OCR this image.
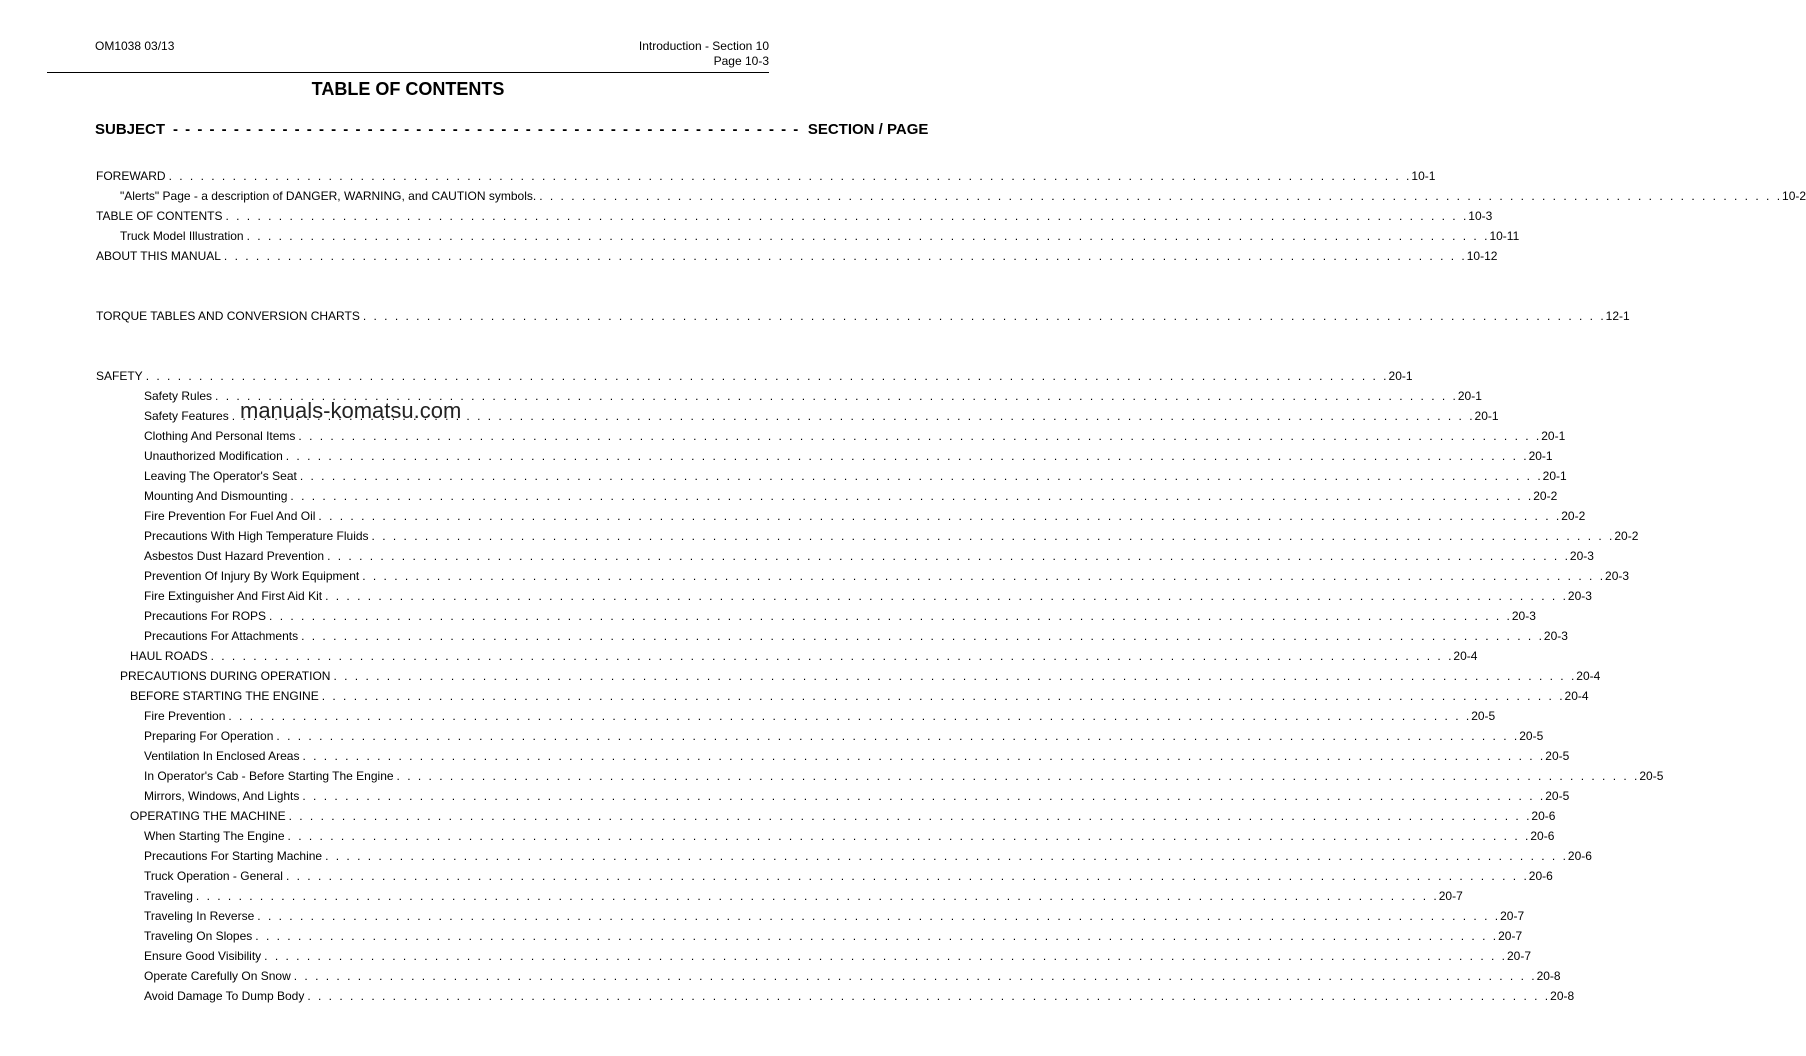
OM1038 03/13	Introduction - Section 10
Page 10-3
TABLE OF CONTENTS
SUBJECT - - - - - - - - - - - - - - - - - - - - - - - - - - - - - - - - - - - - - - - - - - - - - - - - - - - - SECTION / PAGE
FOREWARD . . .	10-1
"Alerts" Page - a description of DANGER, WARNING, and CAUTION symbols. . . .	10-2
TABLE OF CONTENTS . . .	10-3
Truck Model Illustration . . .	10-11
ABOUT THIS MANUAL . . .	10-12
TORQUE TABLES AND CONVERSION CHARTS . . .	12-1
SAFETY . . .	20-1
Safety Rules . . .	20-1
Safety Features . . .	20-1
Clothing And Personal Items . . .	20-1
Unauthorized Modification . . .	20-1
Leaving The Operator's Seat . . .	20-1
Mounting And Dismounting . . .	20-2
Fire Prevention For Fuel And Oil . . .	20-2
Precautions With High Temperature Fluids . . .	20-2
Asbestos Dust Hazard Prevention . . .	20-3
Prevention Of Injury By Work Equipment . . .	20-3
Fire Extinguisher And First Aid Kit . . .	20-3
Precautions For ROPS . . .	20-3
Precautions For Attachments . . .	20-3
HAUL ROADS . . .	20-4
PRECAUTIONS DURING OPERATION . . .	20-4
BEFORE STARTING THE ENGINE . . .	20-4
Fire Prevention . . .	20-5
Preparing For Operation . . .	20-5
Ventilation In Enclosed Areas . . .	20-5
In Operator's Cab - Before Starting The Engine . . .	20-5
Mirrors, Windows, And Lights . . .	20-5
OPERATING THE MACHINE . . .	20-6
When Starting The Engine . . .	20-6
Precautions For Starting Machine . . .	20-6
Truck Operation - General . . .	20-6
Traveling . . .	20-7
Traveling In Reverse . . .	20-7
Traveling On Slopes . . .	20-7
Ensure Good Visibility . . .	20-7
Operate Carefully On Snow . . .	20-8
Avoid Damage To Dump Body . . .	20-8
manuals-komatsu.com
